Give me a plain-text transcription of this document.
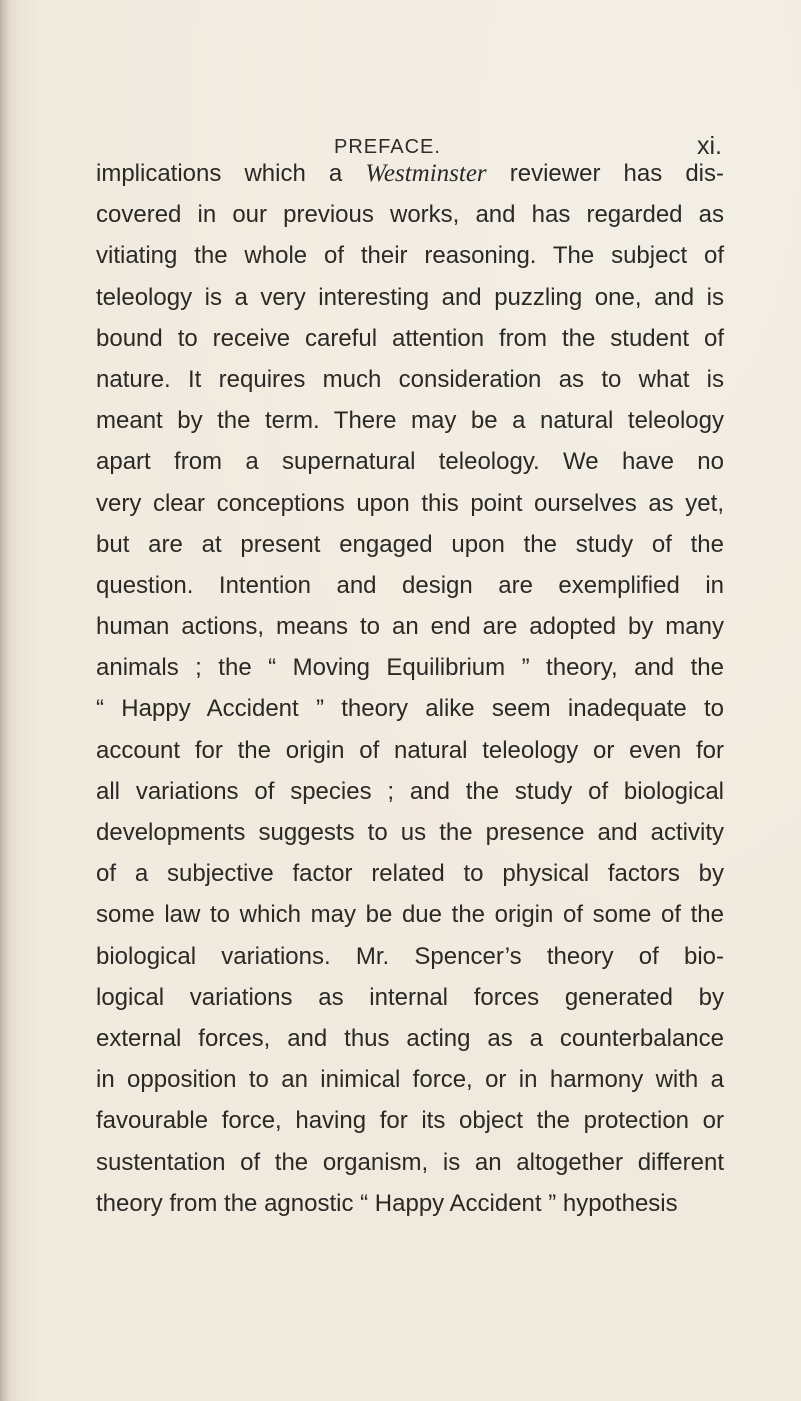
PREFACE.	xi.
implications which a Westminster reviewer has dis-
covered in our previous works, and has regarded as
vitiating the whole of their reasoning. The subject of
teleology is a very interesting and puzzling one, and is
bound to receive careful attention from the student of
nature. It requires much consideration as to what is
meant by the term. There may be a natural teleology
apart from a supernatural teleology. We have no
very clear conceptions upon this point ourselves as yet,
but are at present engaged upon the study of the
question. Intention and design are exemplified in
human actions, means to an end are adopted by many
animals ; the “ Moving Equilibrium ” theory, and the
“ Happy Accident ” theory alike seem inadequate to
account for the origin of natural teleology or even for
all variations of species ; and the study of biological
developments suggests to us the presence and activity
of a subjective factor related to physical factors by
some law to which may be due the origin of some of the
biological variations. Mr. Spencer’s theory of bio-
logical variations as internal forces generated by
external forces, and thus acting as a counterbalance
in opposition to an inimical force, or in harmony with a
favourable force, having for its object the protection or
sustentation of the organism, is an altogether different
theory from the agnostic “ Happy Accident ” hypothesis
